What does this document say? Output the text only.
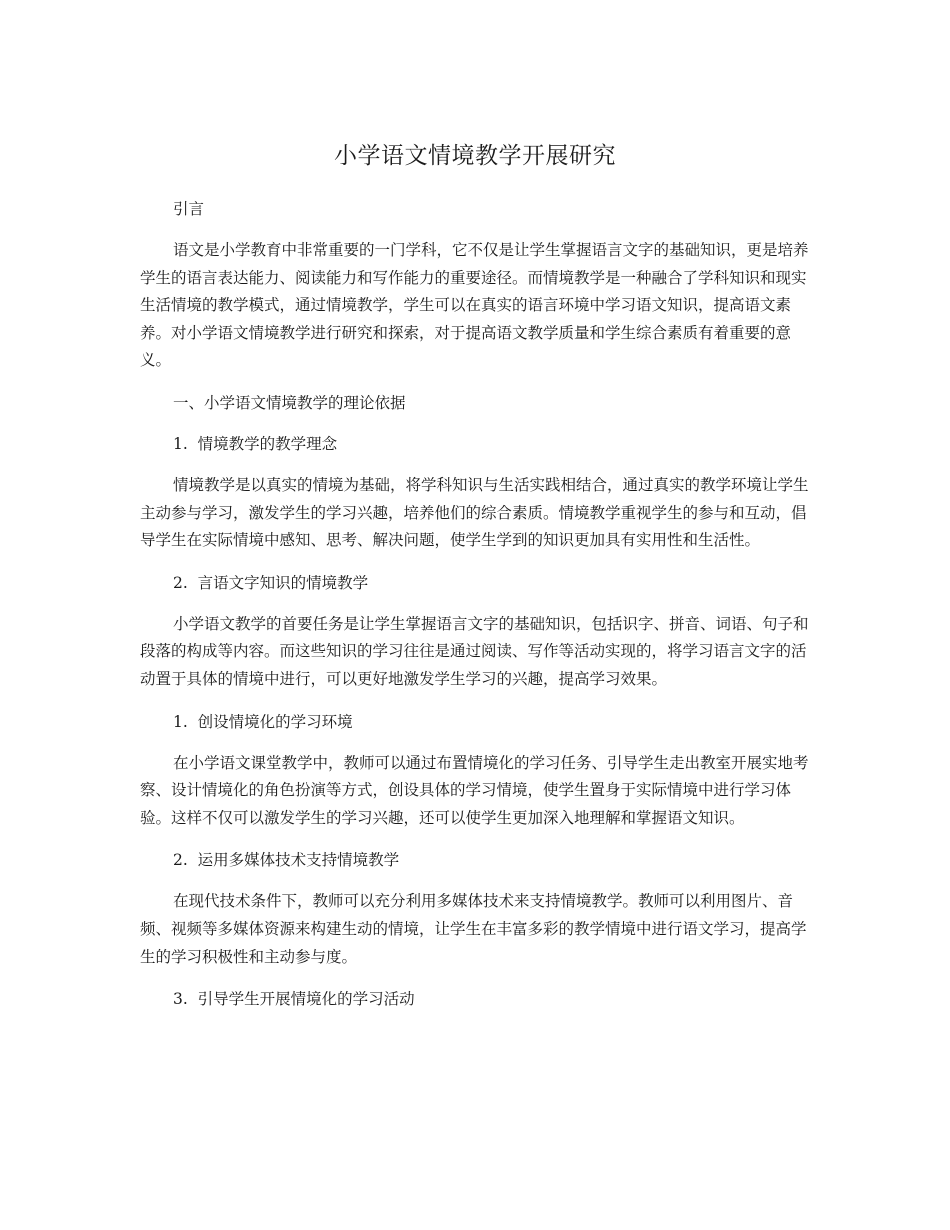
小学语文情境教学开展研究

引言

语文是小学教育中非常重要的一门学科，它不仅是让学生掌握语言文字的基础知识，更是培养学生的语言表达能力、阅读能力和写作能力的重要途径。而情境教学是一种融合了学科知识和现实生活情境的教学模式，通过情境教学，学生可以在真实的语言环境中学习语文知识，提高语文素养。对小学语文情境教学进行研究和探索，对于提高语文教学质量和学生综合素质有着重要的意义。

一、小学语文情境教学的理论依据

1.  情境教学的教学理念

情境教学是以真实的情境为基础，将学科知识与生活实践相结合，通过真实的教学环境让学生主动参与学习，激发学生的学习兴趣，培养他们的综合素质。情境教学重视学生的参与和互动，倡导学生在实际情境中感知、思考、解决问题，使学生学到的知识更加具有实用性和生活性。

2.  言语文字知识的情境教学

小学语文教学的首要任务是让学生掌握语言文字的基础知识，包括识字、拼音、词语、句子和段落的构成等内容。而这些知识的学习往往是通过阅读、写作等活动实现的，将学习语言文字的活动置于具体的情境中进行，可以更好地激发学生学习的兴趣，提高学习效果。

1.  创设情境化的学习环境

在小学语文课堂教学中，教师可以通过布置情境化的学习任务、引导学生走出教室开展实地考察、设计情境化的角色扮演等方式，创设具体的学习情境，使学生置身于实际情境中进行学习体验。这样不仅可以激发学生的学习兴趣，还可以使学生更加深入地理解和掌握语文知识。

2.  运用多媒体技术支持情境教学

在现代技术条件下，教师可以充分利用多媒体技术来支持情境教学。教师可以利用图片、音频、视频等多媒体资源来构建生动的情境，让学生在丰富多彩的教学情境中进行语文学习，提高学生的学习积极性和主动参与度。

3.  引导学生开展情境化的学习活动
